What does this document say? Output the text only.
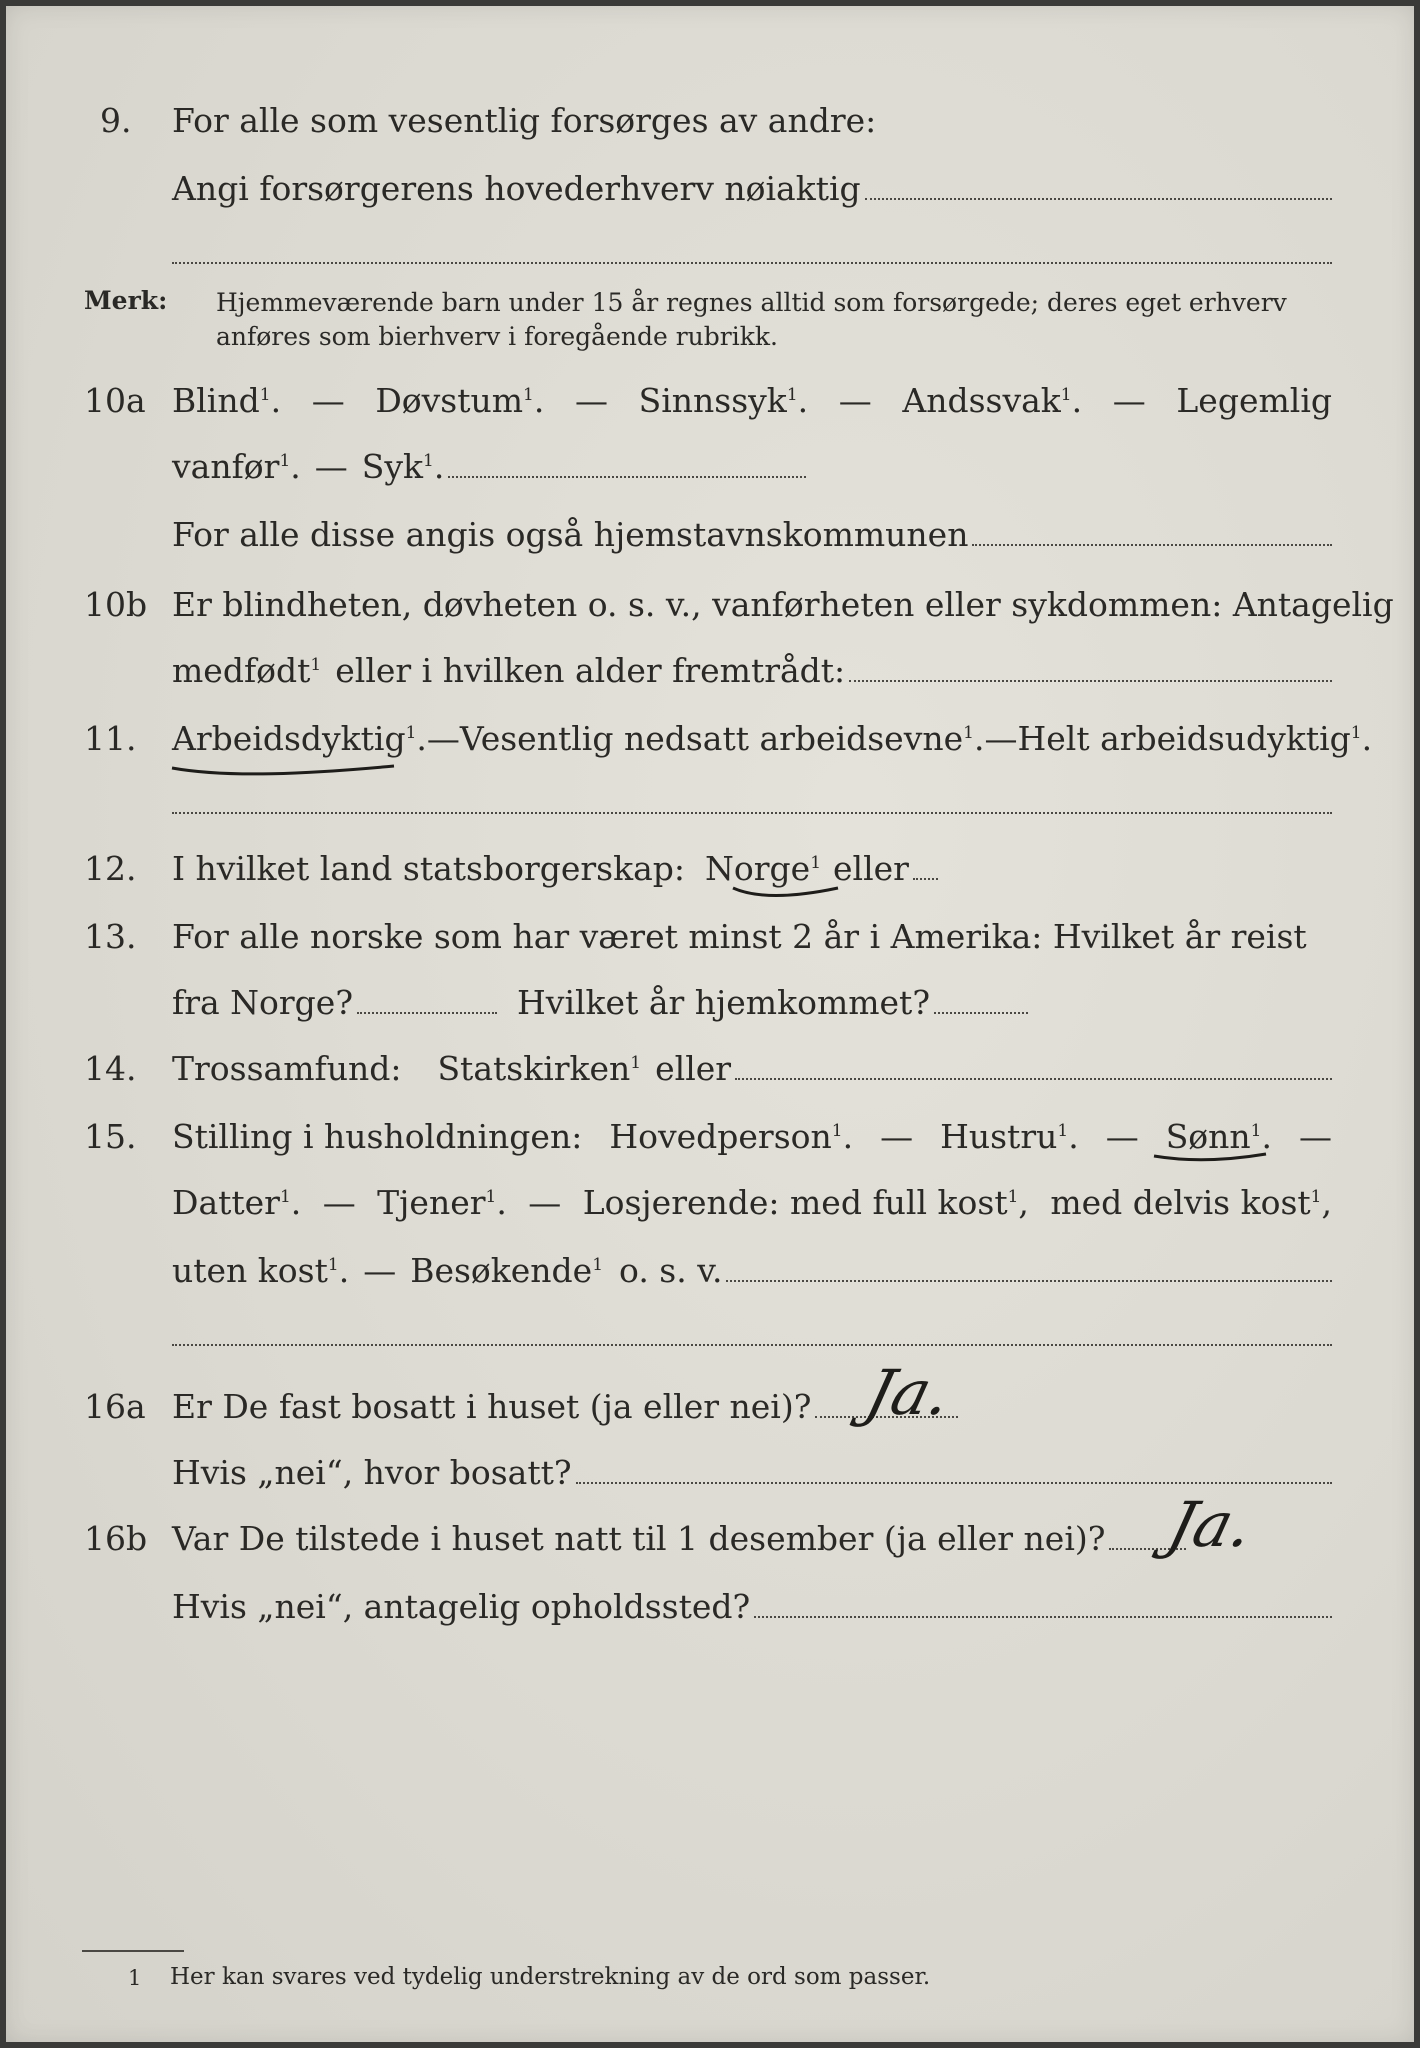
9. For alle som vesentlig forsørges av andre:
Angi forsørgerens hovederhverv nøiaktig
Merk: Hjemmeværende barn under 15 år regnes alltid som forsørgede; deres eget erhverv
anføres som bierhverv i foregående rubrikk.
10a Blind$^1$. — Døvstum$^1$. — Sinnssyk$^1$. — Andssvak$^1$. — Legemlig
vanfør$^1$. — Syk$^1$.
For alle disse angis også hjemstavnskommunen
10b Er blindheten, døvheten o. s. v., vanførheten eller sykdommen: Antagelig
medfødt$^1$ eller i hvilken alder fremtrådt:
11. Arbeidsdyktig$^1$. — Vesentlig nedsatt arbeidsevne$^1$. — Helt arbeidsudyktig$^1$.
12. I hvilket land statsborgerskap: Norge$^1$ eller
13. For alle norske som har været minst 2 år i Amerika: Hvilket år reist
fra Norge?	Hvilket år hjemkommet?
14. Trossamfund: Statskirken$^1$ eller
15. Stilling i husholdningen: Hovedperson$^1$. — Hustru$^1$. — Sønn$^1$. —
Datter$^1$. — Tjener$^1$. — Losjerende: med full kost$^1$, med delvis kost$^1$,
uten kost$^1$. — Besøkende$^1$ o. s. v.
16a Er De fast bosatt i huset (ja eller nei)? Ja.
Hvis „nei“, hvor bosatt?
16b Var De tilstede i huset natt til 1 desember (ja eller nei)? Ja.
Hvis „nei“, antagelig opholdssted?
1 Her kan svares ved tydelig understrekning av de ord som passer.
